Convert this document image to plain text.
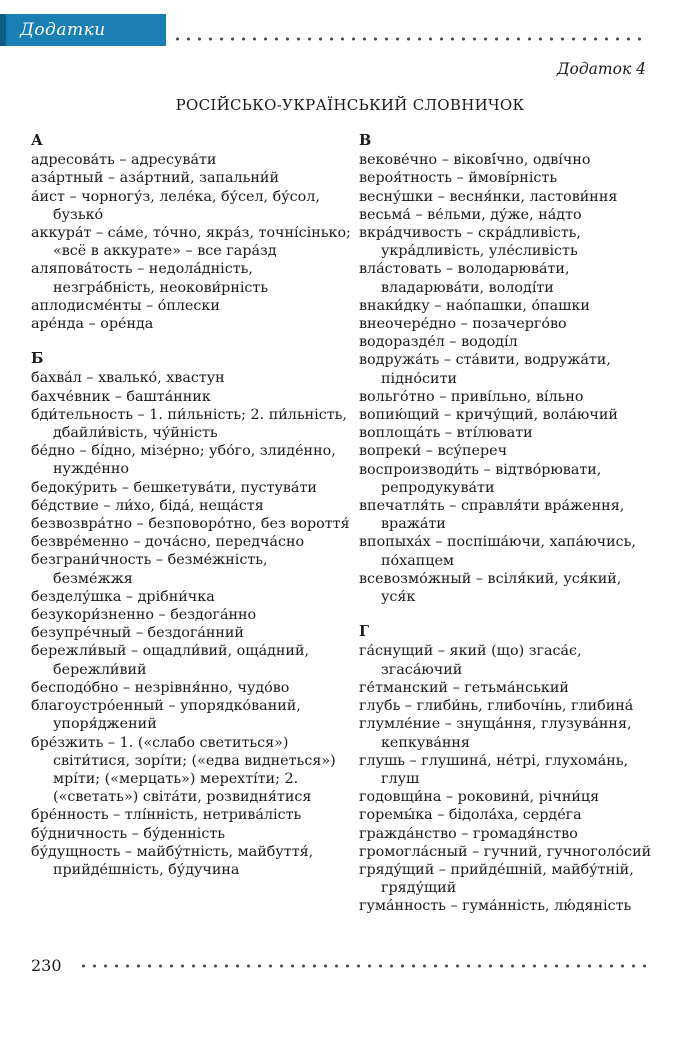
Додатки
Додаток 4
РОСІЙСЬКО-УКРАЇНСЬКИЙ СЛОВНИЧОК
А
адресова́ть – адресува́ти
аза́ртный – аза́ртний, запальни́й
а́ист – чорногу́з, леле́ка, бу́сел, бу́сол, бузько́
аккура́т – са́ме, то́чно, якра́з, точні́сінько; «всё в аккурате» – все гара́зд
аляпова́тость – недола́дність, незгра́бність, неокови́рність
аплодисме́нты – о́плески
аре́нда – оре́нда
Б
бахва́л – хвалько́, хвастун
бахче́вник – башта́нник
бди́тельность – 1. пи́льність; 2. пи́льність, дбайли́вість, чу́йність
бе́дно – бі́дно, мізе́рно; убо́го, злиде́нно, нужде́нно
бедоку́рить – бешкетува́ти, пустува́ти
бе́дствие – ли́хо, біда́, неща́стя
безвозвра́тно – безповоро́тно, без вороття́
безвре́менно – доча́сно, передча́сно
безграни́чность – безме́жність, безме́жжя
безделу́шка – дрібни́чка
безукори́зненно – бездога́нно
безупре́чный – бездога́нний
бережли́вый – ощадли́вий, оща́дний, бережли́вий
бесподо́бно – незрівня́нно, чудо́во
благоустро́енный – упорядко́ваний, упоря́джений
бре́зжить – 1. («слабо светиться») світи́тися, зорі́ти; («едва виднеться») мрі́ти; («мерцать») мерехті́ти; 2. («светать») світа́ти, розвидня́тися
бре́нность – тлі́нність, нетрива́лість
бу́дничность – бу́денність
бу́дущность – майбу́тність, майбуття́, прийде́шність, бу́дучина
В
векове́чно – віковí́чно, одві́чно
вероя́тность – ймові́рність
весну́шки – весня́нки, ластови́ння
весьма́ – ве́льми, ду́же, на́дто
вкра́дчивость – скра́дливість, укра́дливість, уле́сливість
вла́стовать – володарюва́ти, владарюва́ти, володі́ти
внаки́дку – нао́пашки, о́пашки
внеочере́дно – позачерго́во
водоразде́л – вододі́л
водружа́ть – ста́вити, водружа́ти, підно́сити
вольго́тно – приві́льно, ві́льно
вопию́щий – кричу́щий, вола́ючий
воплоща́ть – вті́лювати
вопреки́ – всу́переч
воспроизводи́ть – відтво́рювати, репродукува́ти
впечатля́ть – справля́ти вра́ження, вража́ти
впопыха́х – поспіша́ючи, хапа́ючись, по́хапцем
всевозмо́жный – всіля́кий, уся́кий, уся́к
Г
га́снущий – який (що) згаса́є, згаса́ючий
ге́тманский – гетьма́нський
глубь – глиби́нь, глибочі́нь, глибина́
глумле́ние – знуща́ння, глузува́ння, кепкува́ння
глушь – глушина́, не́трі, глухома́нь, глуш
годовщи́на – роковини́, річни́ця
горемы́ка – бідола́ха, серде́га
гражда́нство – громадя́нство
громогла́сный – гучний, гучноголо́сий
гряду́щий – прийде́шній, майбу́тній, гряду́щий
гума́нность – гума́нність, лю́дяність
230
